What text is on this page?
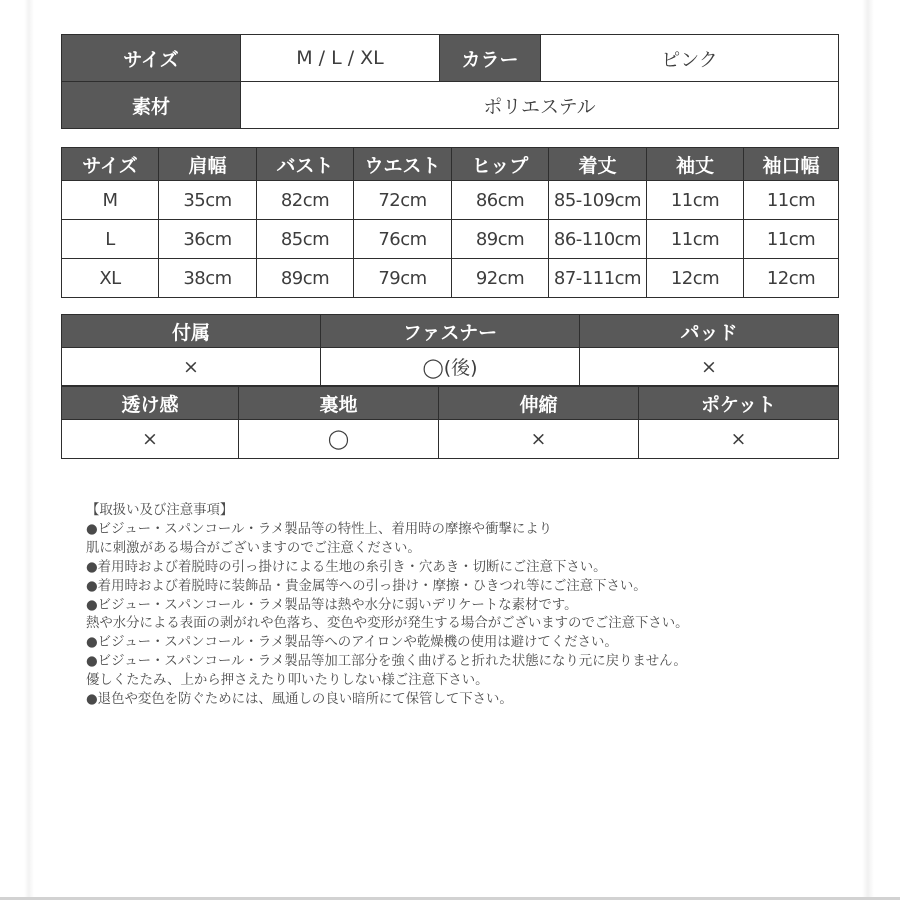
サイズ	M / L / XL	カラー	ピンク
素材	ポリエステル		
サイズ	肩幅	バスト	ウエスト	ヒップ	着丈	袖丈	袖口幅
M	35cm	82cm	72cm	86cm	85-109cm	11cm	11cm
L	36cm	85cm	76cm	89cm	86-110cm	11cm	11cm
XL	38cm	89cm	79cm	92cm	87-111cm	12cm	12cm
付属	ファスナー	パッド
×	◯(後)	×
透け感	裏地	伸縮	ポケット
×	◯	×	×
【取扱い及び注意事項】
●ビジュー・スパンコール・ラメ製品等の特性上、着用時の摩擦や衝撃により
肌に刺激がある場合がございますのでご注意ください。
●着用時および着脱時の引っ掛けによる生地の糸引き・穴あき・切断にご注意下さい。
●着用時および着脱時に装飾品・貴金属等への引っ掛け・摩擦・ひきつれ等にご注意下さい。
●ビジュー・スパンコール・ラメ製品等は熱や水分に弱いデリケートな素材です。
熱や水分による表面の剥がれや色落ち、変色や変形が発生する場合がございますのでご注意下さい。
●ビジュー・スパンコール・ラメ製品等へのアイロンや乾燥機の使用は避けてください。
●ビジュー・スパンコール・ラメ製品等加工部分を強く曲げると折れた状態になり元に戻りません。
優しくたたみ、上から押さえたり叩いたりしない様ご注意下さい。
●退色や変色を防ぐためには、風通しの良い暗所にて保管して下さい。
